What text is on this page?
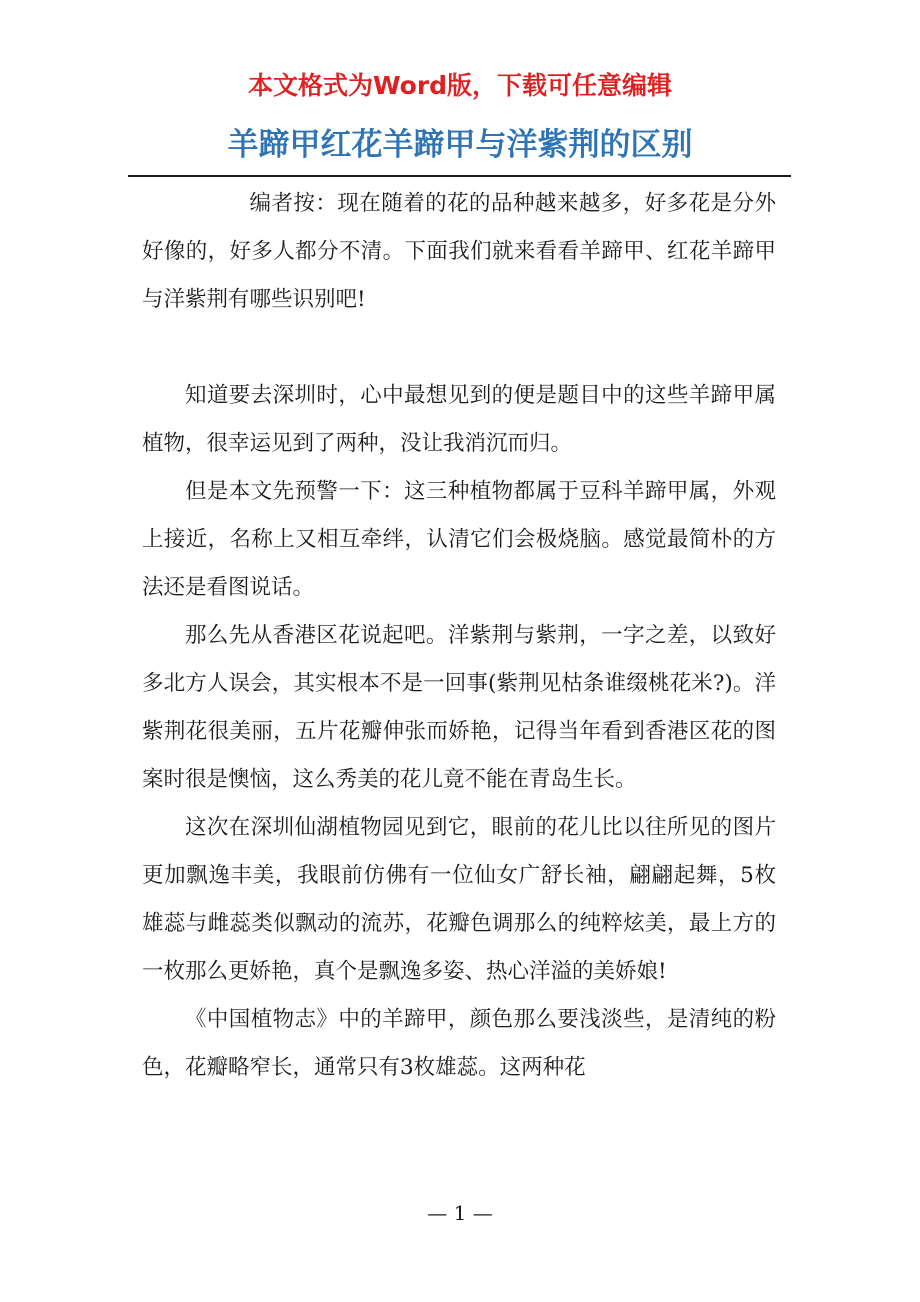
本文格式为Word版，下载可任意编辑
羊蹄甲红花羊蹄甲与洋紫荆的区别

编者按：现在随着的花的品种越来越多，好多花是分外好像的，好多人都分不清。下面我们就来看看羊蹄甲、红花羊蹄甲与洋紫荆有哪些识别吧!

知道要去深圳时，心中最想见到的便是题目中的这些羊蹄甲属植物，很幸运见到了两种，没让我消沉而归。

但是本文先预警一下：这三种植物都属于豆科羊蹄甲属，外观上接近，名称上又相互牵绊，认清它们会极烧脑。感觉最简朴的方法还是看图说话。

那么先从香港区花说起吧。洋紫荆与紫荆，一字之差，以致好多北方人误会，其实根本不是一回事(紫荆见枯条谁缀桃花米?)。洋紫荆花很美丽，五片花瓣伸张而娇艳，记得当年看到香港区花的图案时很是懊恼，这么秀美的花儿竟不能在青岛生长。

这次在深圳仙湖植物园见到它，眼前的花儿比以往所见的图片更加飘逸丰美，我眼前仿佛有一位仙女广舒长袖，翩翩起舞，5枚雄蕊与雌蕊类似飘动的流苏，花瓣色调那么的纯粹炫美，最上方的一枚那么更娇艳，真个是飘逸多姿、热心洋溢的美娇娘!

《中国植物志》中的羊蹄甲，颜色那么要浅淡些，是清纯的粉色，花瓣略窄长，通常只有3枚雄蕊。这两种花

— 1 —
